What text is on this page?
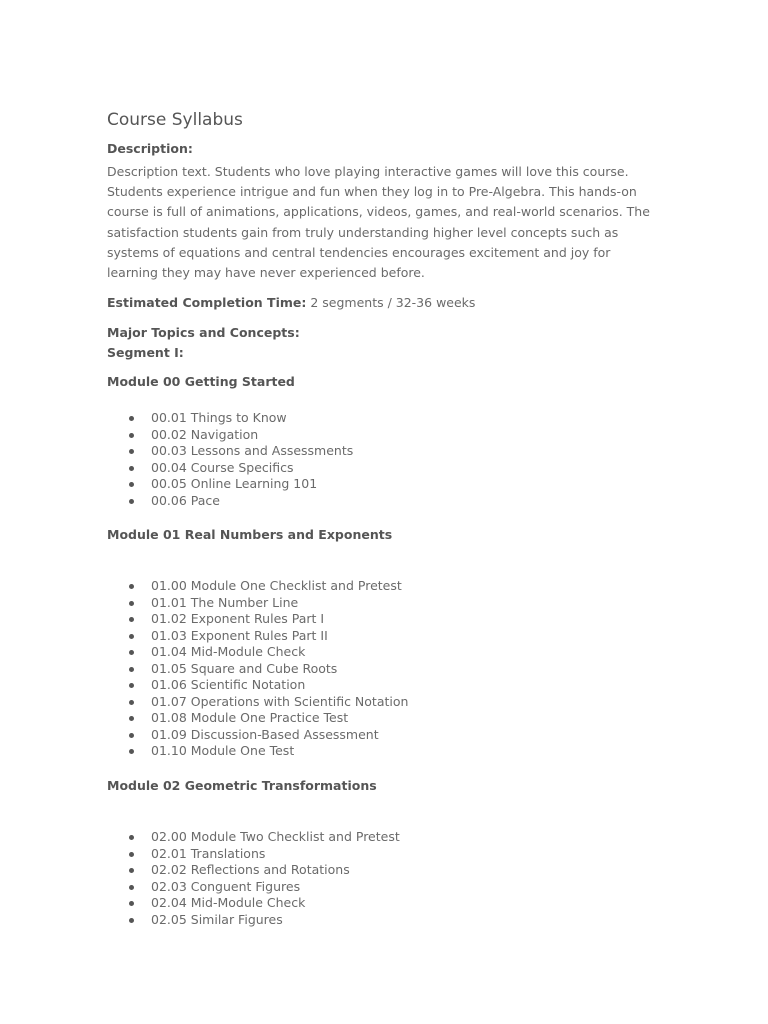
Course Syllabus
Description:

Description text. Students who love playing interactive games will love this course. Students experience intrigue and fun when they log in to Pre-Algebra. This hands-on course is full of animations, applications, videos, games, and real-world scenarios. The satisfaction students gain from truly understanding higher level concepts such as systems of equations and central tendencies encourages excitement and joy for learning they may have never experienced before.

Estimated Completion Time: 2 segments / 32-36 weeks
Major Topics and Concepts:
Segment I:
Module 00 Getting Started
00.01 Things to Know
00.02 Navigation
00.03 Lessons and Assessments
00.04 Course Specifics
00.05 Online Learning 101
00.06 Pace
Module 01 Real Numbers and Exponents
01.00 Module One Checklist and Pretest
01.01 The Number Line
01.02 Exponent Rules Part I
01.03 Exponent Rules Part II
01.04 Mid-Module Check
01.05 Square and Cube Roots
01.06 Scientific Notation
01.07 Operations with Scientific Notation
01.08 Module One Practice Test
01.09 Discussion-Based Assessment
01.10 Module One Test
Module 02 Geometric Transformations
02.00 Module Two Checklist and Pretest
02.01 Translations
02.02 Reflections and Rotations
02.03 Conguent Figures
02.04 Mid-Module Check
02.05 Similar Figures
